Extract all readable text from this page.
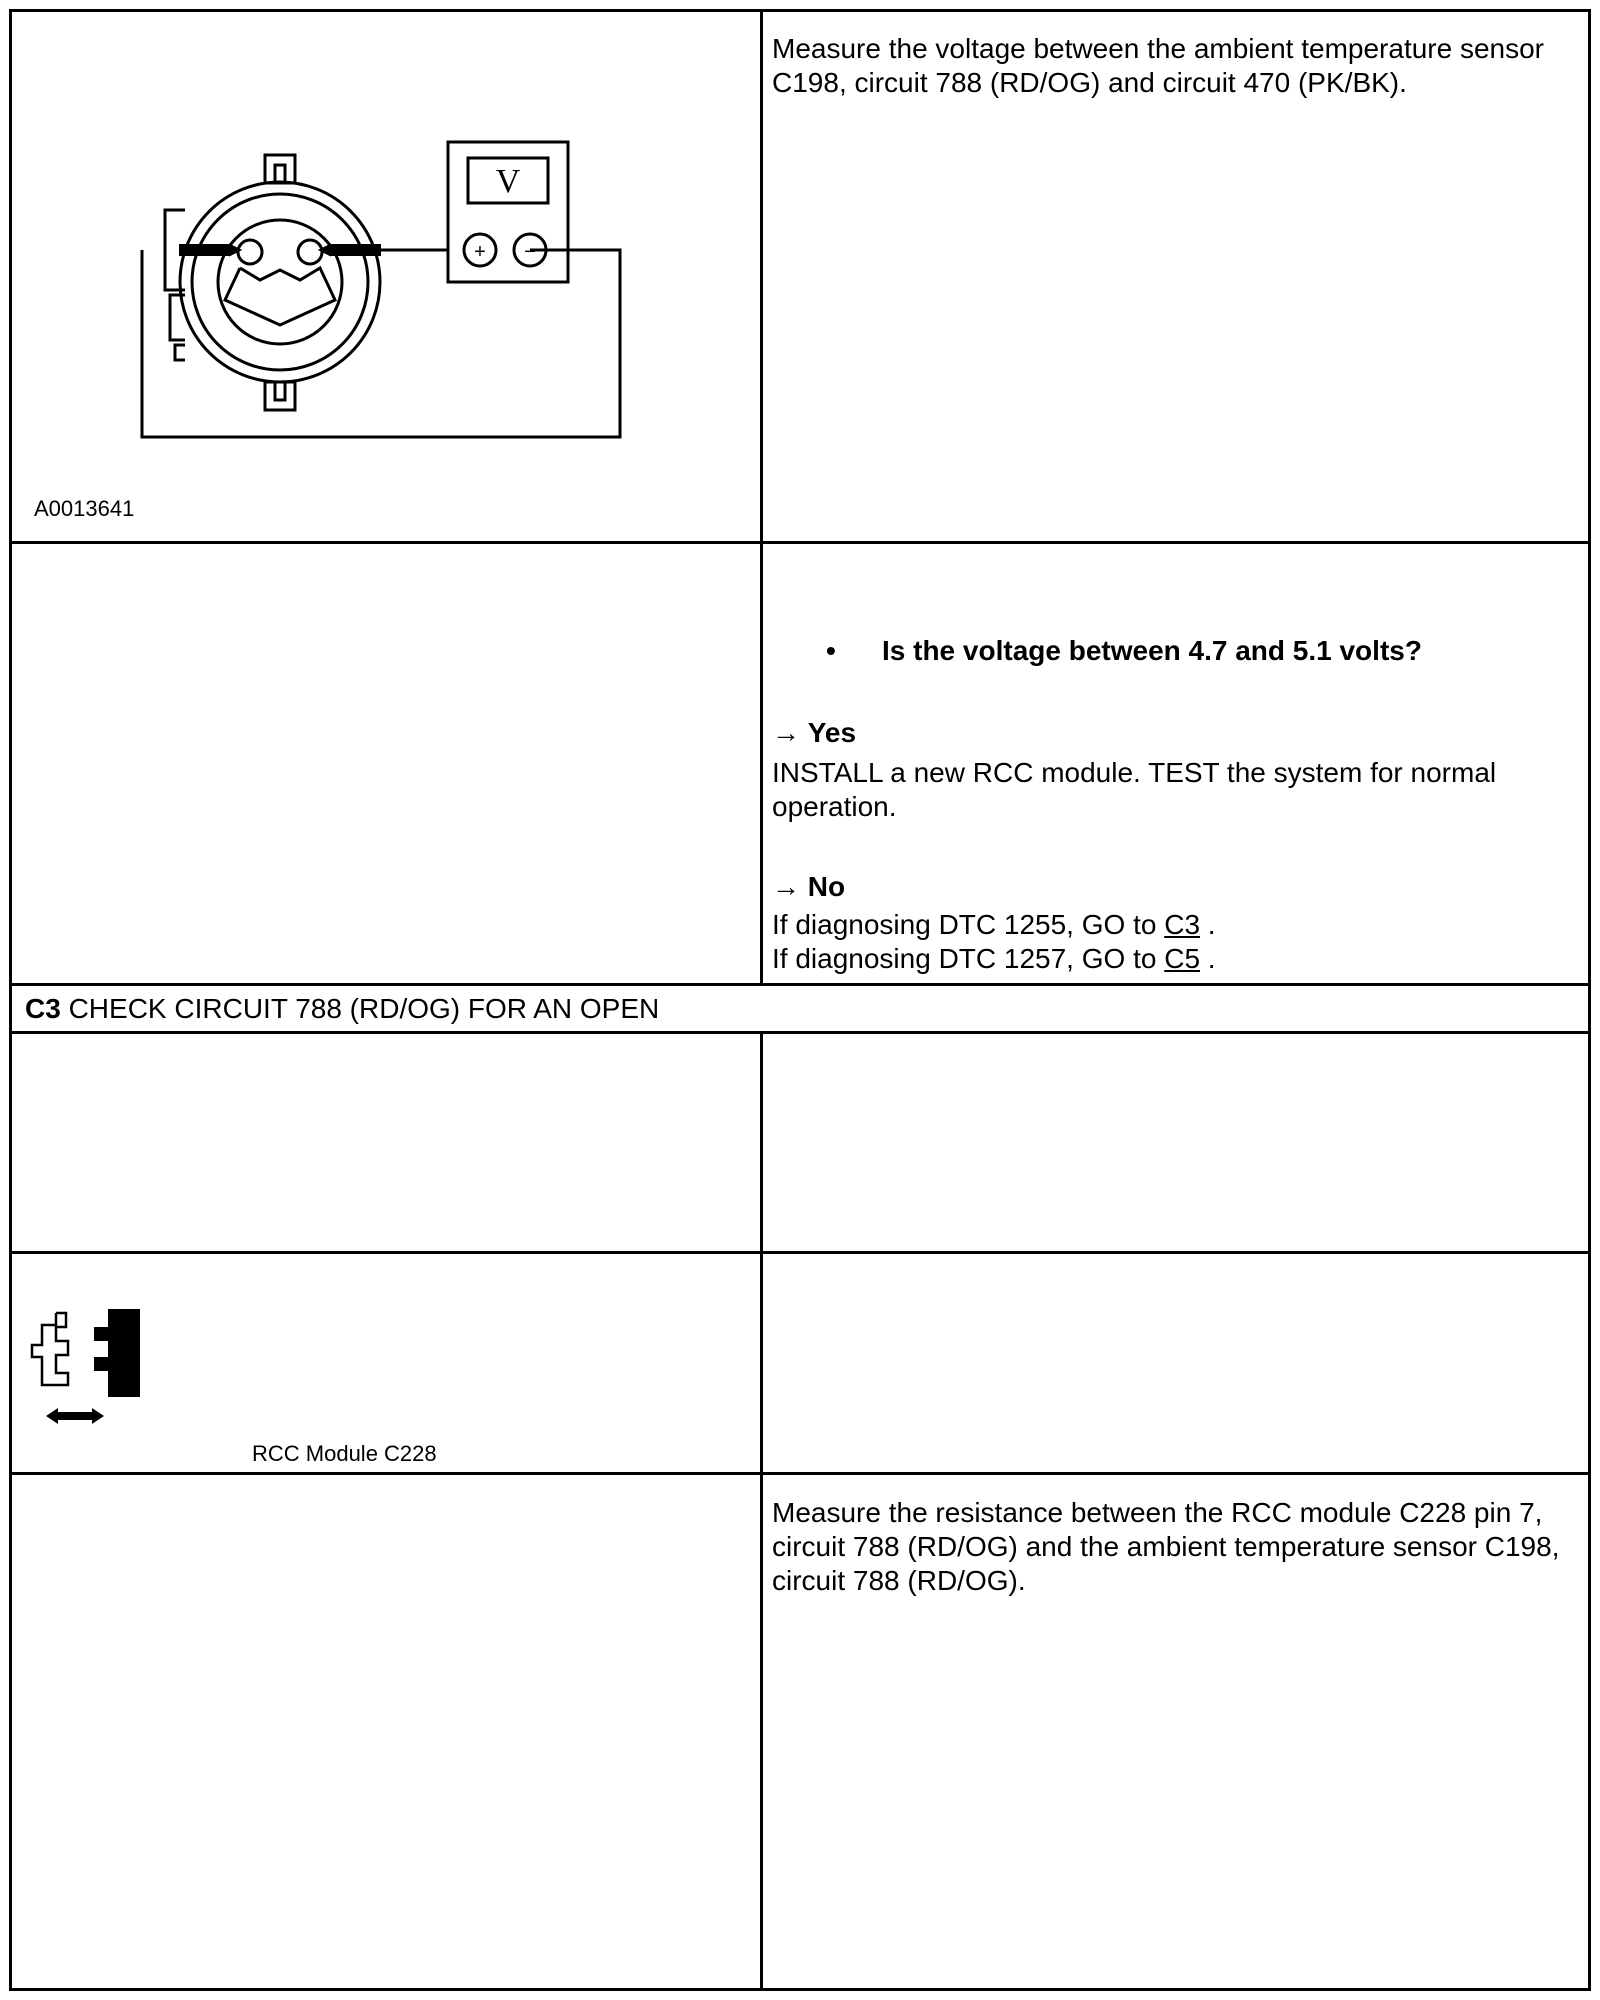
V
+ −
A0013641
Measure the voltage between the ambient temperature sensor C198, circuit 788 (RD/OG) and circuit 470 (PK/BK).
• Is the voltage between 4.7 and 5.1 volts?
→ Yes
INSTALL a new RCC module. TEST the system for normal operation.
→ No
If diagnosing DTC 1255, GO to C3 .
If diagnosing DTC 1257, GO to C5 .
C3 CHECK CIRCUIT 788 (RD/OG) FOR AN OPEN
RCC Module C228
Measure the resistance between the RCC module C228 pin 7, circuit 788 (RD/OG) and the ambient temperature sensor C198, circuit 788 (RD/OG).
